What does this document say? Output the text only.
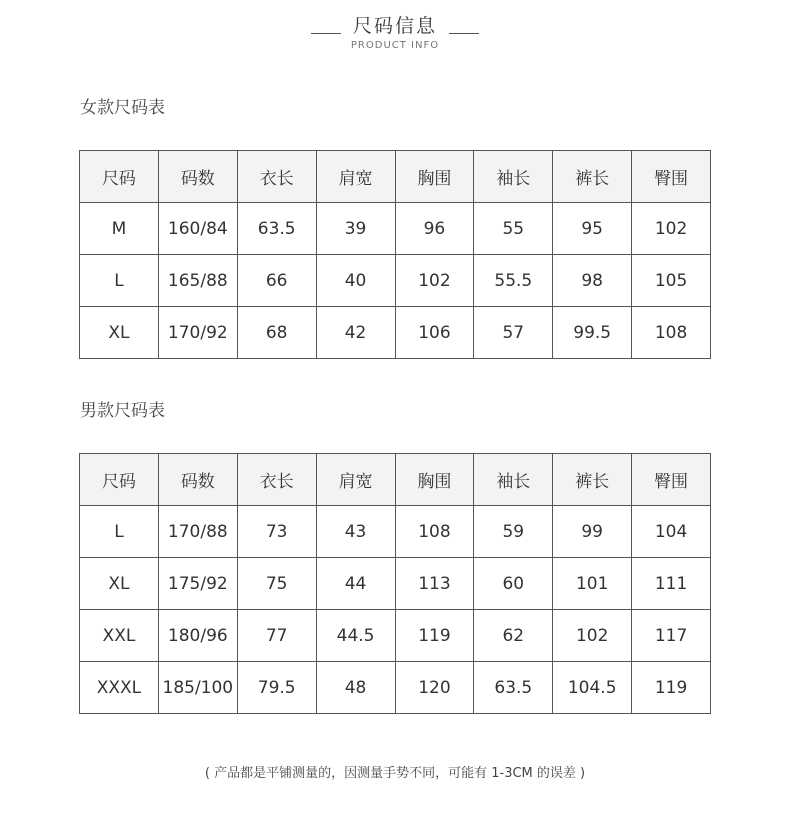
尺码信息
PRODUCT INFO
女款尺码表
尺码	码数	衣长	肩宽	胸围	袖长	裤长	臀围
M	160/84	63.5	39	96	55	95	102
L	165/88	66	40	102	55.5	98	105
XL	170/92	68	42	106	57	99.5	108
男款尺码表
尺码	码数	衣长	肩宽	胸围	袖长	裤长	臀围
L	170/88	73	43	108	59	99	104
XL	175/92	75	44	113	60	101	111
XXL	180/96	77	44.5	119	62	102	117
XXXL	185/100	79.5	48	120	63.5	104.5	119
( 产品都是平铺测量的，因测量手势不同，可能有 1-3CM 的误差 )
